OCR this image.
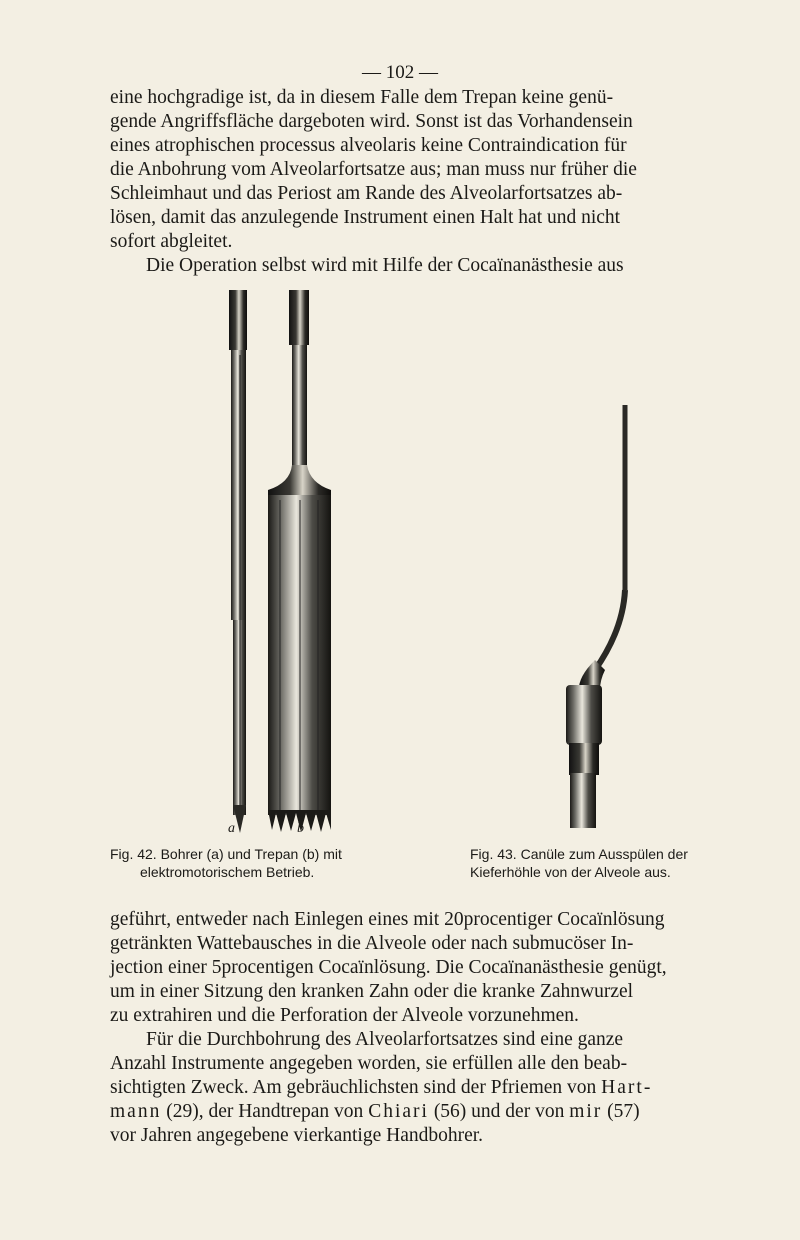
— 102 —

eine hochgradige ist, da in diesem Falle dem Trepan keine genü-

gende Angriffsfläche dargeboten wird. Sonst ist das Vorhandensein

eines atrophischen processus alveolaris keine Contraindication für

die Anbohrung vom Alveolarfortsatze aus; man muss nur früher die

Schleimhaut und das Periost am Rande des Alveolarfortsatzes ab-

lösen, damit das anzulegende Instrument einen Halt hat und nicht

sofort abgleitet.

Die Operation selbst wird mit Hilfe der Cocaïnanästhesie aus

a	b
Fig. 42. Bohrer (a) und Trepan (b) mit
elektromotorischem Betrieb.
Fig. 43. Canüle zum Ausspülen der
Kieferhöhle von der Alveole aus.

geführt, entweder nach Einlegen eines mit 20procentiger Cocaïnlösung

getränkten Wattebausches in die Alveole oder nach submucöser In-

jection einer 5procentigen Cocaïnlösung. Die Cocaïnanästhesie genügt,

um in einer Sitzung den kranken Zahn oder die kranke Zahnwurzel

zu extrahiren und die Perforation der Alveole vorzunehmen.

Für die Durchbohrung des Alveolarfortsatzes sind eine ganze

Anzahl Instrumente angegeben worden, sie erfüllen alle den beab-

sichtigten Zweck. Am gebräuchlichsten sind der Pfriemen von Hart-

mann (29), der Handtrepan von Chiari (56) und der von mir (57)

vor Jahren angegebene vierkantige Handbohrer.
